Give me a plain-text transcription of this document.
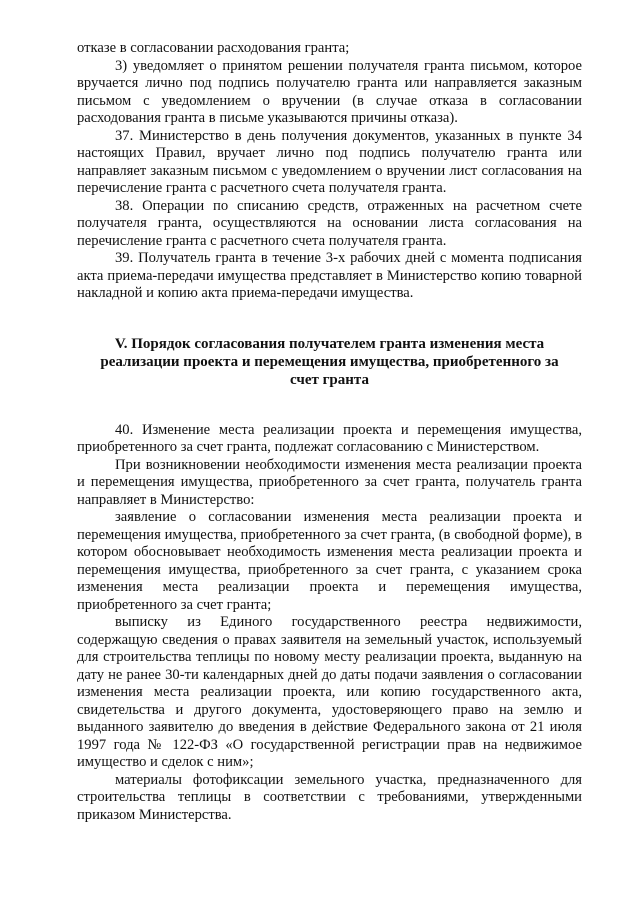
отказе в согласовании расходования гранта;

3) уведомляет о принятом решении получателя гранта письмом, которое вручается лично под подпись получателю гранта или направляется заказным письмом с уведомлением о вручении (в случае отказа в согласовании расходования гранта в письме указываются причины отказа).

37. Министерство в день получения документов, указанных в пункте 34 настоящих Правил, вручает лично под подпись получателю гранта или направляет заказным письмом с уведомлением о вручении лист согласования на перечисление гранта с расчетного счета получателя гранта.

38. Операции по списанию средств, отраженных на расчетном счете получателя гранта, осуществляются на основании листа согласования на перечисление гранта с расчетного счета получателя гранта.

39. Получатель гранта в течение 3-х рабочих дней с момента подписания акта приема-передачи имущества представляет в Министерство копию товарной накладной и копию акта приема-передачи имущества.

V. Порядок согласования получателем гранта изменения места реализации проекта и перемещения имущества, приобретенного за счет гранта

40. Изменение места реализации проекта и перемещения имущества, приобретенного за счет гранта, подлежат согласованию с Министерством.

При возникновении необходимости изменения места реализации проекта и перемещения имущества, приобретенного за счет гранта, получатель гранта направляет в Министерство:

заявление о согласовании изменения места реализации проекта и перемещения имущества, приобретенного за счет гранта, (в свободной форме), в котором обосновывает необходимость изменения места реализации проекта и перемещения имущества, приобретенного за счет гранта, с указанием срока изменения места реализации проекта и перемещения имущества, приобретенного за счет гранта;

выписку из Единого государственного реестра недвижимости, содержащую сведения о правах заявителя на земельный участок, используемый для строительства теплицы по новому месту реализации проекта, выданную на дату не ранее 30-ти календарных дней до даты подачи заявления о согласовании изменения места реализации проекта, или копию государственного акта, свидетельства и другого документа, удостоверяющего право на землю и выданного заявителю до введения в действие Федерального закона от 21 июля 1997 года № 122-ФЗ «О государственной регистрации прав на недвижимое имущество и сделок с ним»;

материалы фотофиксации земельного участка, предназначенного для строительства теплицы в соответствии с требованиями, утвержденными приказом Министерства.
